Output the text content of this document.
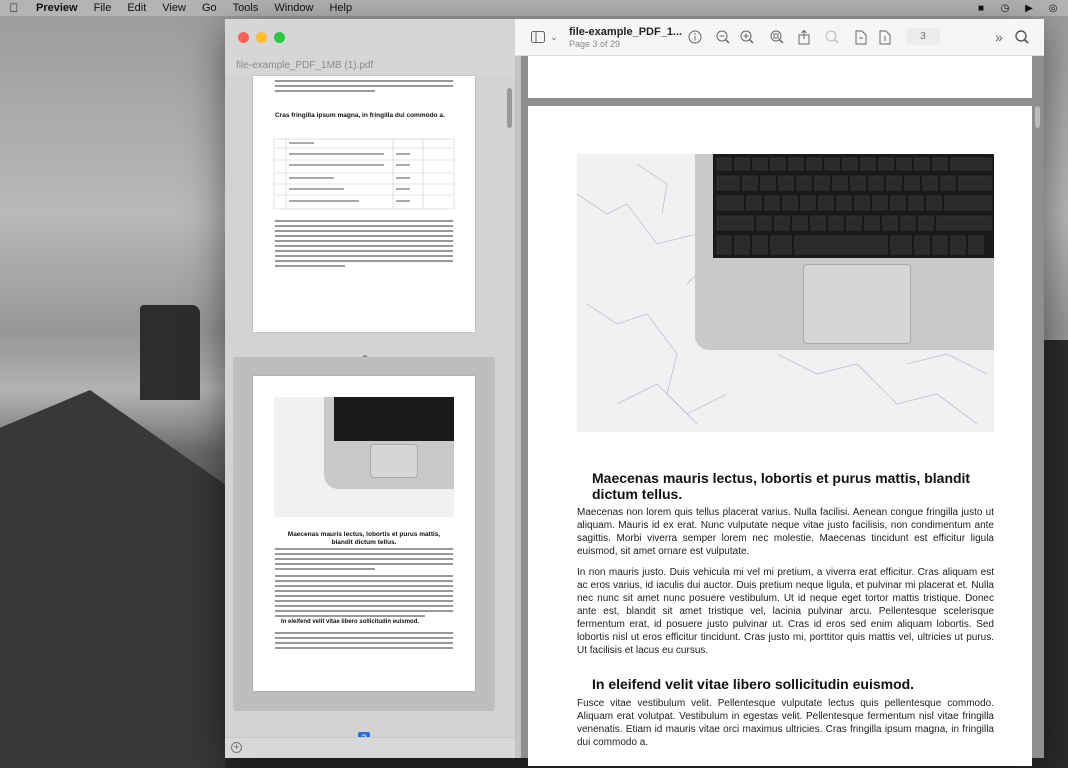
Preview	File	Edit	View	Go	Tools	Window	Help	■	◷	▶	◎
file-example_PDF_1MB (1).pdf
Cras fringilla ipsum magna, in fringilla dui commodo a.
Maecenas mauris lectus, lobortis et purus mattis, blandit dictum tellus.
In eleifend velit vitae libero sollicitudin euismod.
+
⌄	file-example_PDF_1...
Page 3 of 29
3	»
Maecenas mauris lectus, lobortis et purus mattis, blandit dictum tellus.
Maecenas non lorem quis tellus placerat varius. Nulla facilisi. Aenean congue fringilla justo ut aliquam. Mauris id ex erat. Nunc vulputate neque vitae justo facilisis, non condimentum ante sagittis. Morbi viverra semper lorem nec molestie. Maecenas tincidunt est efficitur ligula euismod, sit amet ornare est vulputate.
In non mauris justo. Duis vehicula mi vel mi pretium, a viverra erat efficitur. Cras aliquam est ac eros varius, id iaculis dui auctor. Duis pretium neque ligula, et pulvinar mi placerat et. Nulla nec nunc sit amet nunc posuere vestibulum. Ut id neque eget tortor mattis tristique. Donec ante est, blandit sit amet tristique vel, lacinia pulvinar arcu. Pellentesque scelerisque fermentum erat, id posuere justo pulvinar ut. Cras id eros sed enim aliquam lobortis. Sed lobortis nisl ut eros efficitur tincidunt. Cras justo mi, porttitor quis mattis vel, ultricies ut purus. Ut facilisis et lacus eu cursus.
In eleifend velit vitae libero sollicitudin euismod.
Fusce vitae vestibulum velit. Pellentesque vulputate lectus quis pellentesque commodo. Aliquam erat volutpat. Vestibulum in egestas velit. Pellentesque fermentum nisl vitae fringilla venenatis. Etiam id mauris vitae orci maximus ultricies. Cras fringilla ipsum magna, in fringilla dui commodo a.
